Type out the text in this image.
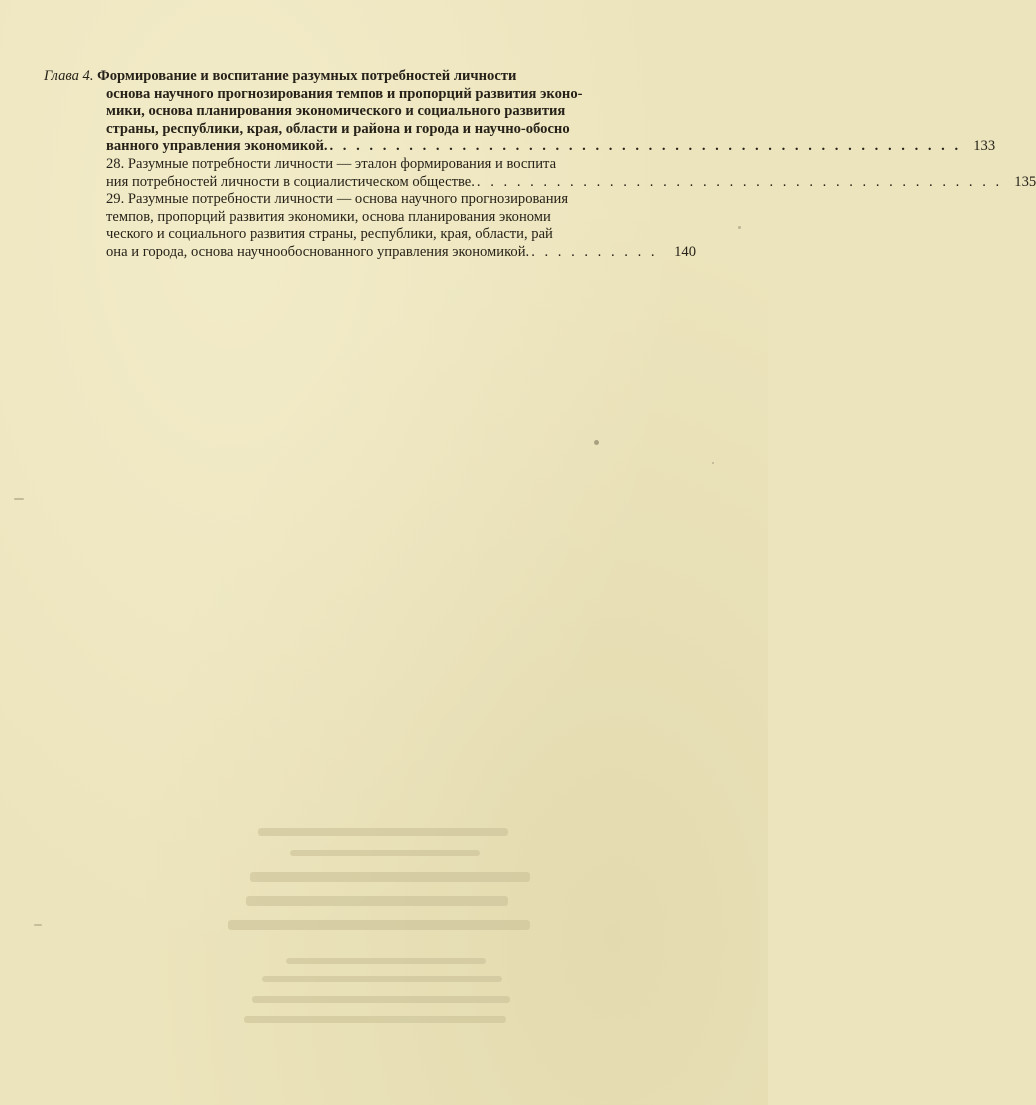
Глава 4. Формирование и воспитание разумных потребностей личности
основа научного прогнозирования темпов и пропорций развития эконо-
мики, основа планирования экономического и социального развития
страны, республики, края, области и района и города и научно-обосно
ванного управления экономикой. . . . . . . . . . . . . . . . . . . . . . . . . . . . . . . . . . . . . . . . . . . . . . . . . 133
28. Разумные потребности личности — эталон формирования и воспита
ния потребностей личности в социалистическом обществе. . . . . . . . . . . . . . . . . . . . . . . . . . . . . . . . . . . . . . . . . 135
29. Разумные потребности личности — основа научного прогнозирования
темпов, пропорций развития экономики, основа планирования экономи
ческого и социального развития страны, республики, края, области, рай
она и города, основа научнообоснованного управления экономикой. . . . . . . . . . .	140
